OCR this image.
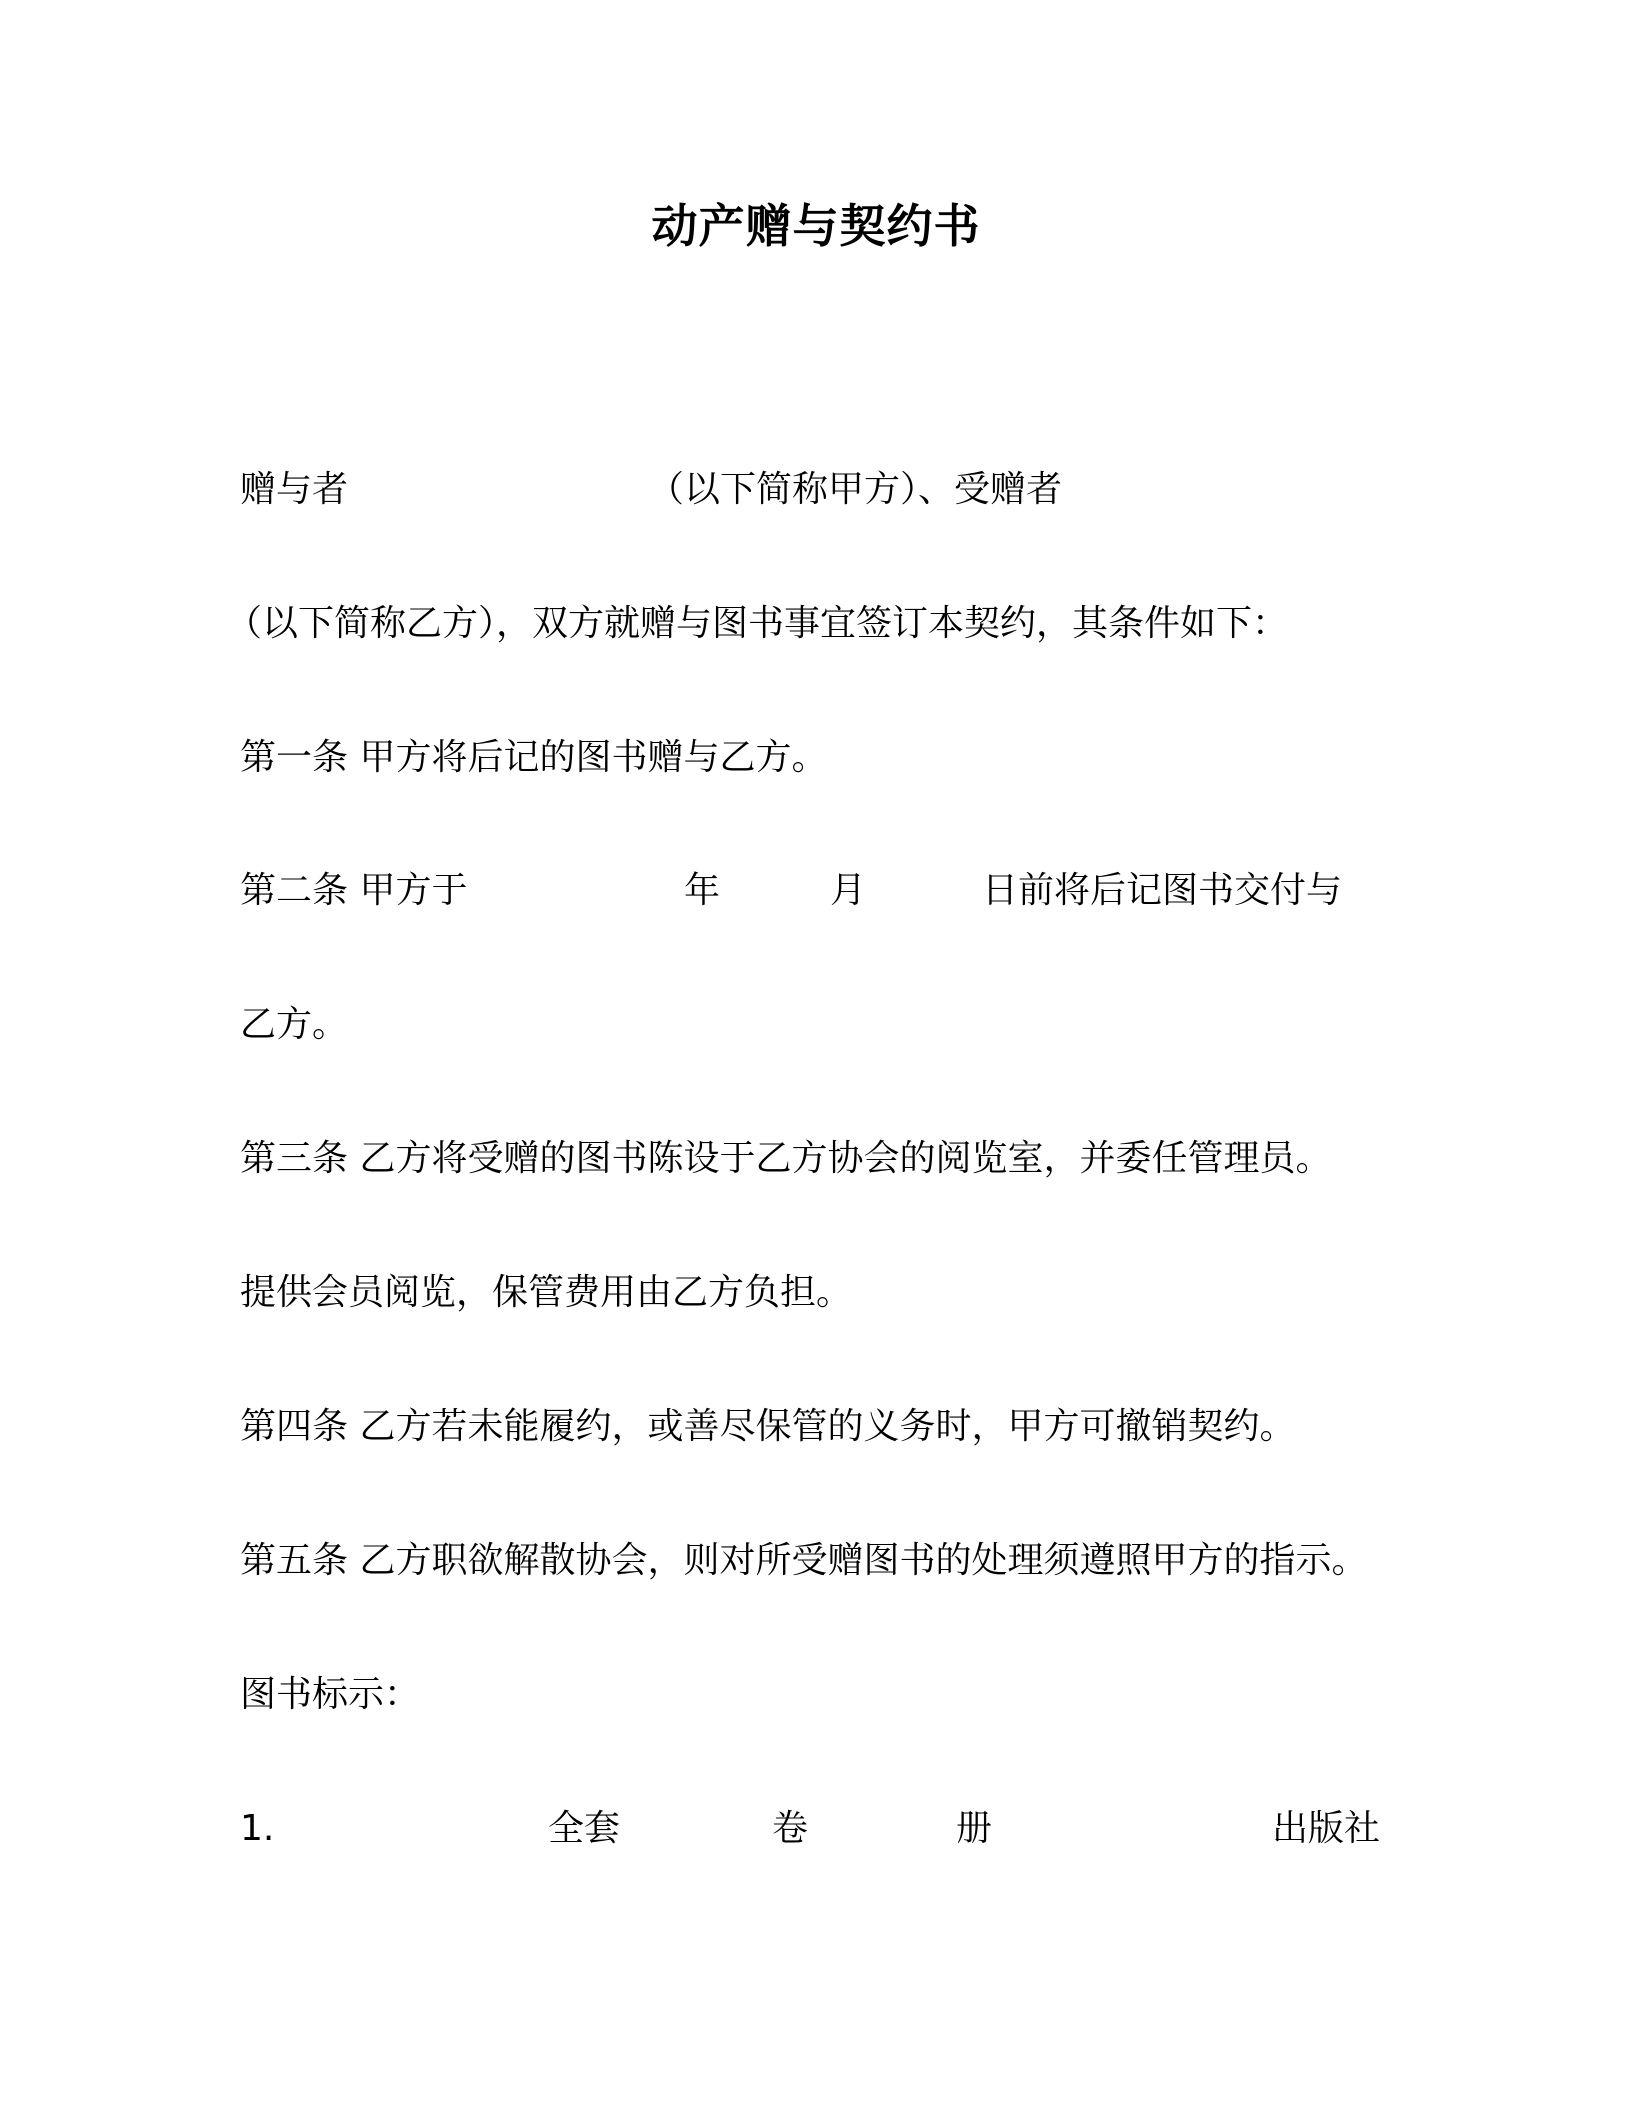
动产赠与契约书
赠与者	（以下简称甲方）、受赠者
（以下简称乙方），双方就赠与图书事宜签订本契约，其条件如下：
第一条 甲方将后记的图书赠与乙方。
第二条 甲方于	年	月	日前将后记图书交付与
乙方。
第三条 乙方将受赠的图书陈设于乙方协会的阅览室，并委任管理员。
提供会员阅览，保管费用由乙方负担。
第四条 乙方若未能履约，或善尽保管的义务时，甲方可撤销契约。
第五条 乙方职欲解散协会，则对所受赠图书的处理须遵照甲方的指示。
图书标示：
1.	全套	卷	册	出版社
